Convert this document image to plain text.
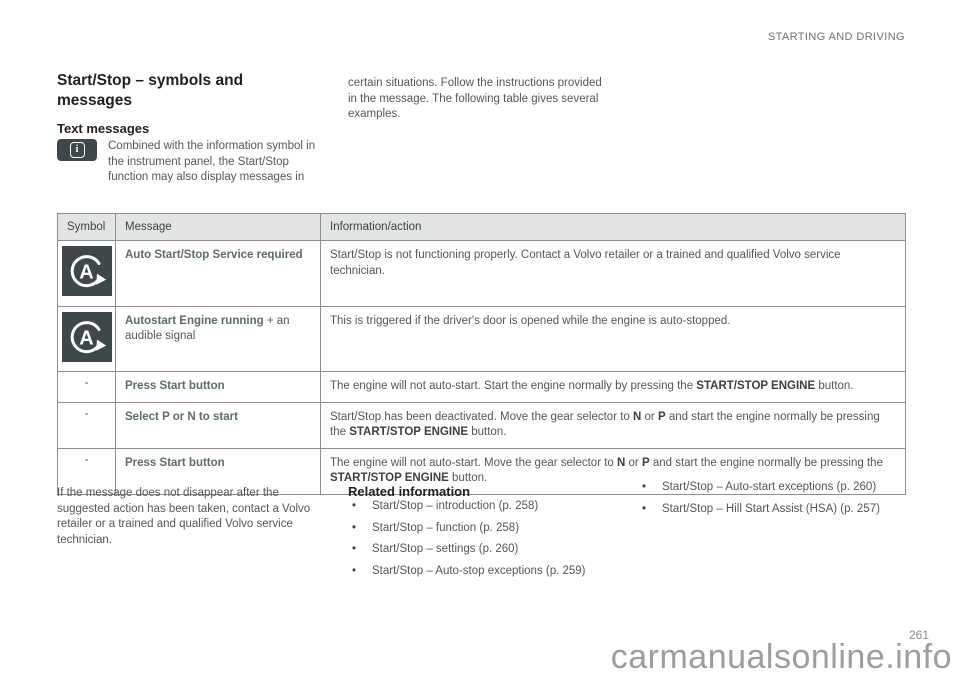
STARTING AND DRIVING
Start/Stop – symbols and messages
Text messages
i	Combined with the information symbol in the instrument panel, the Start/Stop function may also display messages in

certain situations. Follow the instructions provided in the message. The following table gives several examples.

Symbol	Message	Information/action

A	Auto Start/Stop Service required	Start/Stop is not functioning properly. Contact a Volvo retailer or a trained and qualified Volvo service technician.

A	Autostart Engine running + an audible signal	This is triggered if the driver's door is opened while the engine is auto-stopped.
-	Press Start button	The engine will not auto-start. Start the engine normally by pressing the START/STOP ENGINE button.
-	Select P or N to start	Start/Stop has been deactivated. Move the gear selector to N or P and start the engine normally be pressing the START/STOP ENGINE button.
-	Press Start button	The engine will not auto-start. Move the gear selector to N or P and start the engine normally be pressing the START/STOP ENGINE button.

If the message does not disappear after the suggested action has been taken, contact a Volvo retailer or a trained and qualified Volvo service technician.

Related information
• Start/Stop – introduction (p. 258)
• Start/Stop – function (p. 258)
• Start/Stop – settings (p. 260)
• Start/Stop – Auto-stop exceptions (p. 259)
• Start/Stop – Auto-start exceptions (p. 260)
• Start/Stop – Hill Start Assist (HSA) (p. 257)
261
carmanualsonline.info
